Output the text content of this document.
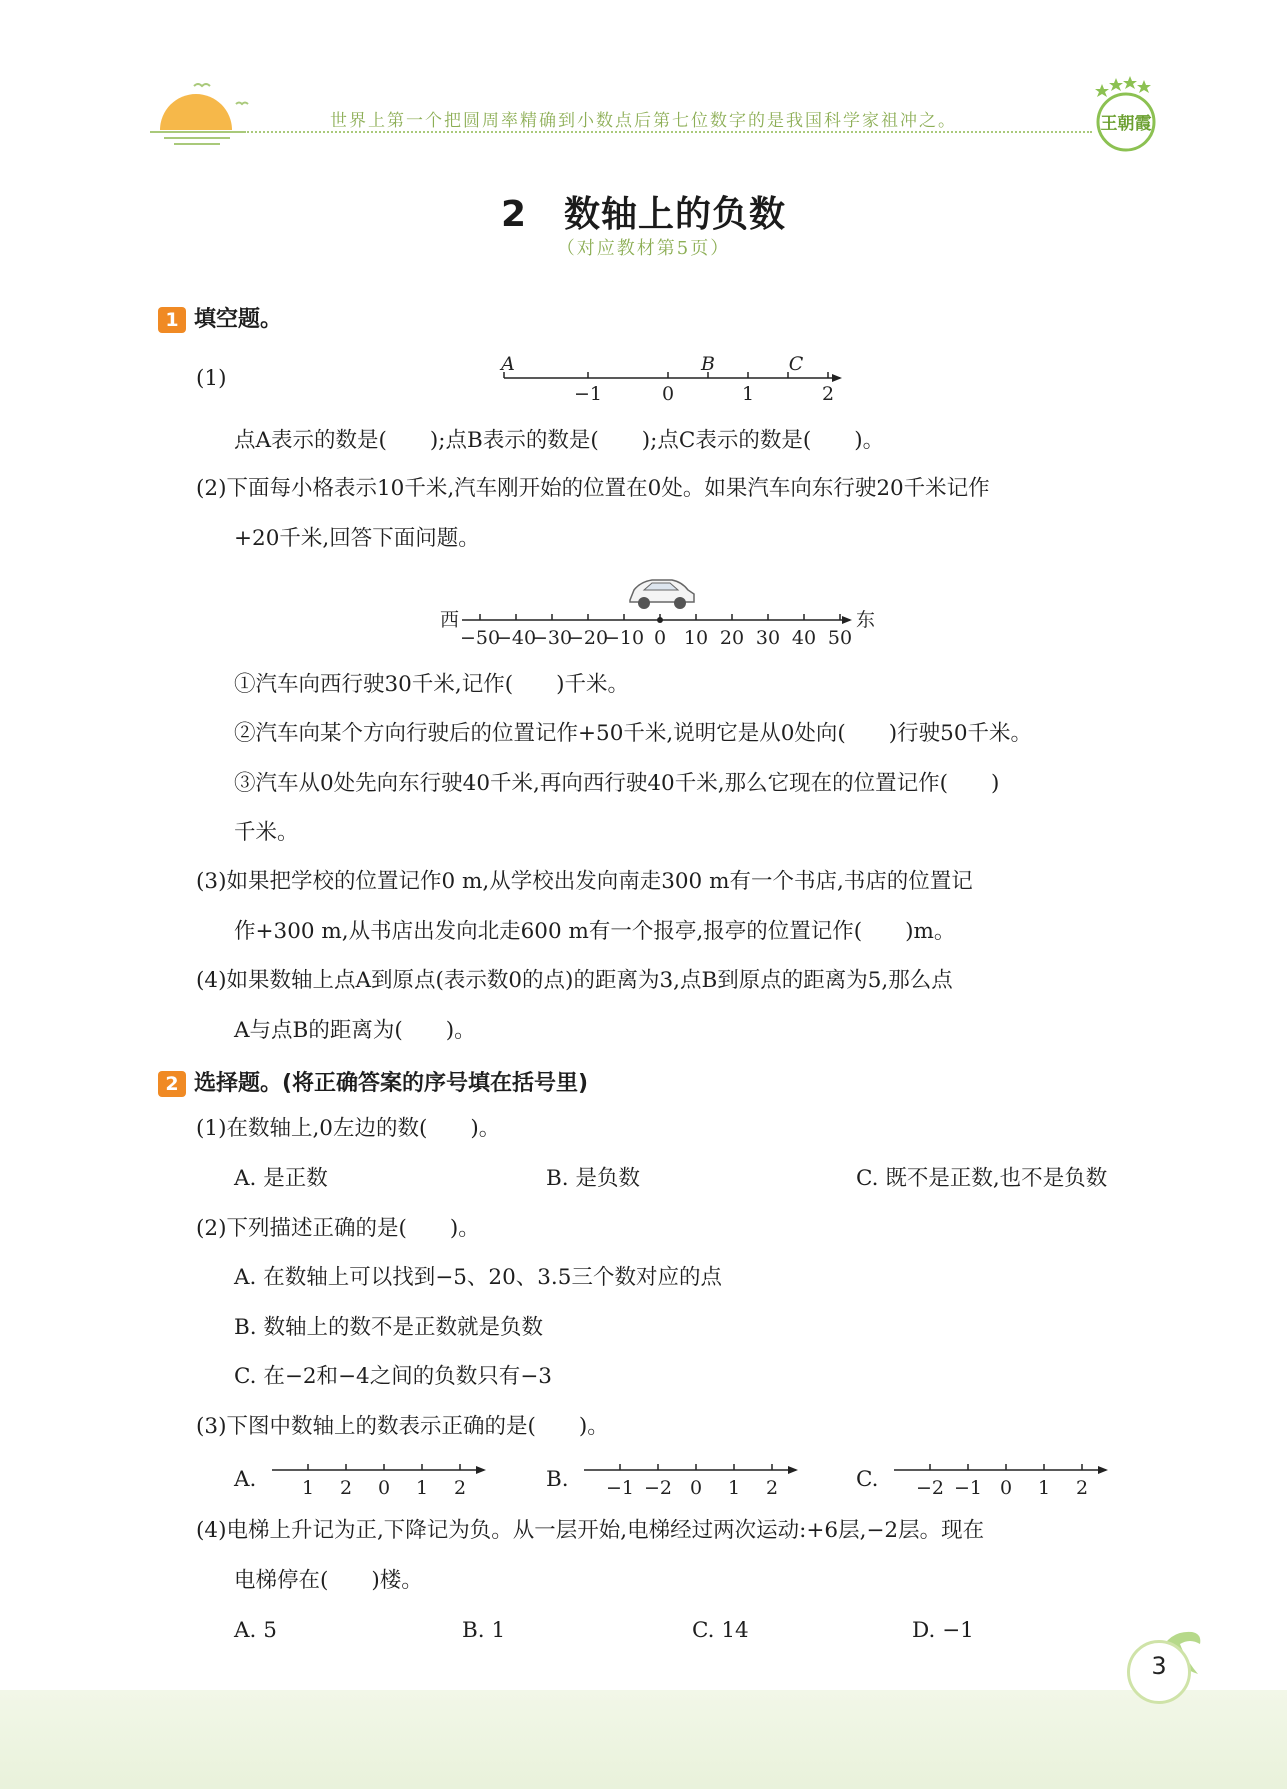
世界上第一个把圆周率精确到小数点后第七位数字的是我国科学家祖冲之。	王朝霞
2　数轴上的负数
（对应教材第5页）
1 填空题。
(1)
A	B	C
−1	0	1	2
点A表示的数是(　　);点B表示的数是(　　);点C表示的数是(　　)。
(2)下面每小格表示10千米,汽车刚开始的位置在0处。如果汽车向东行驶20千米记作
+20千米,回答下面问题。
西	东
−50
−40
−30
−20
−10 0 10 20 30 40 50
①汽车向西行驶30千米,记作(　　)千米。
②汽车向某个方向行驶后的位置记作+50千米,说明它是从0处向(　　)行驶50千米。
③汽车从0处先向东行驶40千米,再向西行驶40千米,那么它现在的位置记作(　　)
千米。
(3)如果把学校的位置记作0 m,从学校出发向南走300 m有一个书店,书店的位置记
作+300 m,从书店出发向北走600 m有一个报亭,报亭的位置记作(　　)m。
(4)如果数轴上点A到原点(表示数0的点)的距离为3,点B到原点的距离为5,那么点
A与点B的距离为(　　)。
2 选择题。(将正确答案的序号填在括号里)
(1)在数轴上,0左边的数(　　)。
A. 是正数	B. 是负数	C. 既不是正数,也不是负数
(2)下列描述正确的是(　　)。
A. 在数轴上可以找到−5、20、3.5三个数对应的点
B. 数轴上的数不是正数就是负数
C. 在−2和−4之间的负数只有−3
(3)下图中数轴上的数表示正确的是(　　)。
A.	B.	C.
1 2 0 1 2	−1 −2 0 1 2	−2 −1 0 1 2
(4)电梯上升记为正,下降记为负。从一层开始,电梯经过两次运动:+6层,−2层。现在
电梯停在(　　)楼。
A. 5	B. 1	C. 14	D. −1
3
